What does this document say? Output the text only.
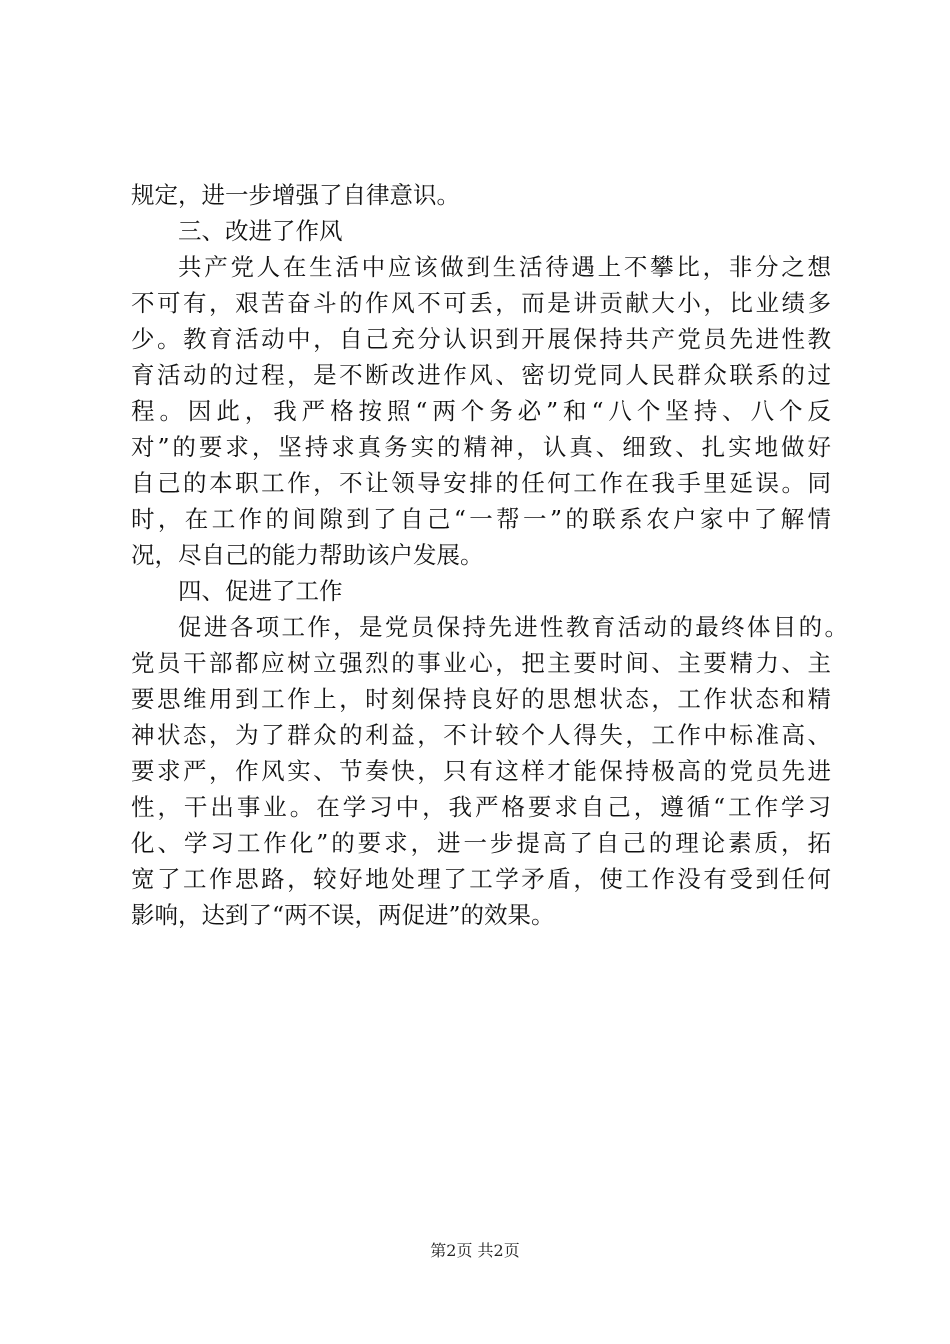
规定，进一步增强了自律意识。
三、改进了作风
共产党人在生活中应该做到生活待遇上不攀比，非分之想
不可有，艰苦奋斗的作风不可丢，而是讲贡献大小，比业绩多
少。教育活动中，自己充分认识到开展保持共产党员先进性教
育活动的过程，是不断改进作风、密切党同人民群众联系的过
程。因此，我严格按照“两个务必”和“八个坚持、八个反
对”的要求，坚持求真务实的精神，认真、细致、扎实地做好
自己的本职工作，不让领导安排的任何工作在我手里延误。同
时，在工作的间隙到了自己“一帮一”的联系农户家中了解情
况，尽自己的能力帮助该户发展。
四、促进了工作
促进各项工作，是党员保持先进性教育活动的最终体目的。
党员干部都应树立强烈的事业心，把主要时间、主要精力、主
要思维用到工作上，时刻保持良好的思想状态，工作状态和精
神状态，为了群众的利益，不计较个人得失，工作中标准高、
要求严，作风实、节奏快，只有这样才能保持极高的党员先进
性，干出事业。在学习中，我严格要求自己，遵循“工作学习
化、学习工作化”的要求，进一步提高了自己的理论素质，拓
宽了工作思路，较好地处理了工学矛盾，使工作没有受到任何
影响，达到了“两不误，两促进”的效果。
第2页 共2页
